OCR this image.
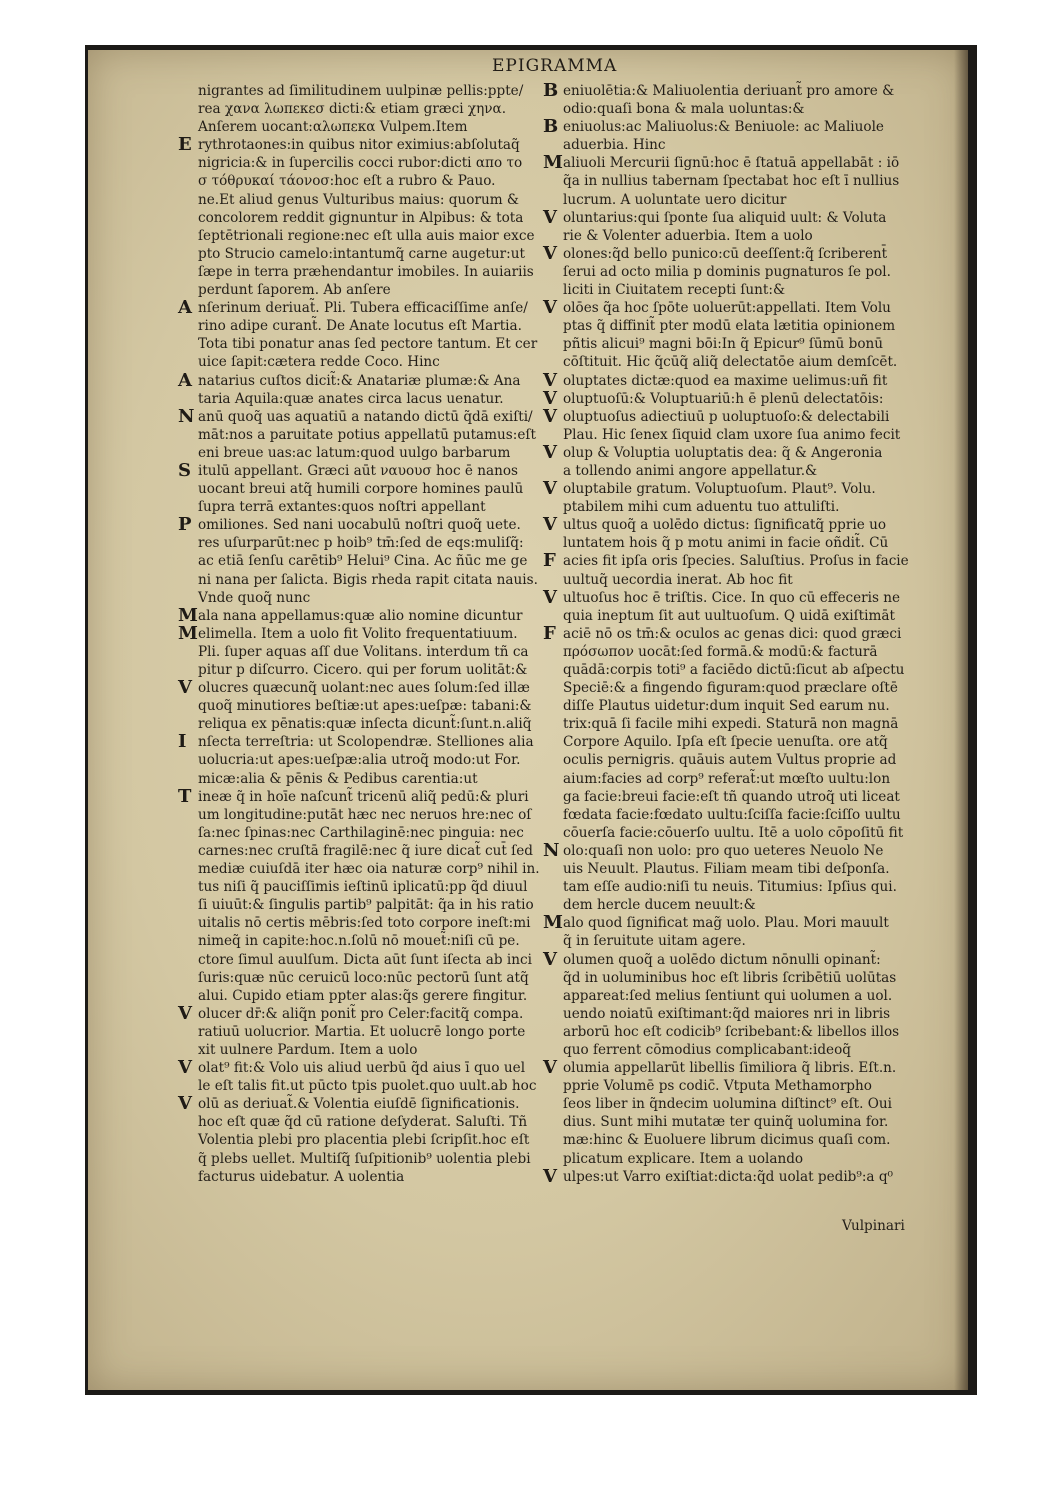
EPIGRAMMA
nigrantes ad ſimilitudinem uulpinæ pellis:ppte/
rea χανα λωπεκεσ dicti:& etiam græci χηνα.
Anſerem uocant:αλωπεκα Vulpem.Item
E rythrotaones:in quibus nitor eximius:abſolutaq̃
nigricia:& in ſupercilis cocci rubor:dicti απο το
σ τόθρυκαί τάονοσ:hoc eſt a rubro & Pauo.
ne.Et aliud genus Vulturibus maius: quorum &
concolorem reddit gignuntur in Alpibus: & tota
ſeptētrionali regione:nec eſt ulla auis maior exce
pto Strucio camelo:intantumq̃ carne augetur:ut
ſæpe in terra præhendantur imobiles. In auiariis
perdunt ſaporem. Ab anſere
A nſerinum deriuat̃. Pli. Tubera efficaciſſime anſe/
rino adipe curant̃. De Anate locutus eſt Martia.
Tota tibi ponatur anas ſed pectore tantum. Et cer
uice ſapit:cætera redde Coco. Hinc
A natarius cuſtos dicit̃:& Anatariæ plumæ:& Ana
taria Aquila:quæ anates circa lacus uenatur.
N anū quoq̃ uas aquatiū a natando dictū q̃dā exiſti/
māt:nos a paruitate potius appellatū putamus:eſt
eni breue uas:ac latum:quod uulgo barbarum
S itulū appellant. Græci aūt ναυουσ hoc ē nanos
uocant breui atq̃ humili corpore homines paulū
ſupra terrā extantes:quos noſtri appellant
P omiliones. Sed nani uocabulū noſtri quoq̃ uete.
res uſurparūt:nec p hoib⁹ tm̄:ſed de eqs:muliſq̃:
ac etiā ſenſu carētib⁹ Helui⁹ Cina. Ac ñūc me ge
ni nana per ſalicta. Bigis rheda rapit citata nauis.
Vnde quoq̃ nunc
M ala nana appellamus:quæ alio nomine dicuntur
M elimella. Item a uolo fit Volito frequentatiuum.
Pli. ſuper aquas aſſ due Volitans. interdum tñ ca
pitur p diſcurro. Cicero. qui per forum uolitāt:&
V olucres quæcunq̃ uolant:nec aues ſolum:ſed illæ
quoq̃ minutiores beſtiæ:ut apes:ueſpæ: tabani:&
reliqua ex pēnatis:quæ inſecta dicunt̃:ſunt.n.aliq̃
I nſecta terreſtria: ut Scolopendræ. Stelliones alia
uolucria:ut apes:ueſpæ:alia utroq̃ modo:ut For.
micæ:alia & pēnis & Pedibus carentia:ut
T ineæ q̃ in hoīe naſcunt̃ tricenū aliq̃ pedū:& pluri
um longitudine:putāt hæc nec neruos hre:nec oſ
ſa:nec ſpinas:nec Carthilaginē:nec pinguia: nec
carnes:nec cruſtā fragilē:nec q̃ iure dicat̃ cut̄ ſed
mediæ cuiuſdā iter hæc oia naturæ corp⁹ nihil in.
tus niſi q̃ pauciſſimis ieſtinū iplicatū:pp q̃d diuul
ſi uiuūt:& ſingulis partib⁹ palpitāt: q̃a in his ratio
uitalis nō certis mēbris:ſed toto corpore ineſt:mi
nimeq̃ in capite:hoc.n.ſolū nō mouet̃:niſi cū pe.
ctore ſimul auulſum. Dicta aūt ſunt iſecta ab inci
ſuris:quæ nūc ceruicū loco:nūc pectorū ſunt atq̃
alui. Cupido etiam ppter alas:q̃s gerere fingitur.
V olucer dr̄:& aliq̃n ponit̃ pro Celer:facitq̃ compa.
ratiuū uolucrior. Martia. Et uolucrē longo porte
xit uulnere Pardum. Item a uolo
V olat⁹ fit:& Volo uis aliud uerbū q̃d aius ī quo uel
le eſt talis fit.ut pūcto tpis puolet.quo uult.ab hoc
V olū as deriuat̃.& Volentia eiuſdē ſignificationis.
hoc eſt quæ q̃d cū ratione deſyderat. Saluſti. Tñ
Volentia plebi pro placentia plebi ſcripſit.hoc eſt
q̃ plebs uellet. Multiſq̃ ſuſpitionib⁹ uolentia plebi
facturus uidebatur. A uolentia
B eniuolētia:& Maliuolentia deriuant̃ pro amore &
odio:quaſi bona & mala uoluntas:&
B eniuolus:ac Maliuolus:& Beniuole: ac Maliuole
aduerbia. Hinc
M aliuoli Mercurii ſignū:hoc ē ſtatuā appellabāt : iō
q̃a in nullius tabernam ſpectabat hoc eſt ī nullius
lucrum. A uoluntate uero dicitur
V oluntarius:qui ſponte ſua aliquid uult: & Voluta
rie & Volenter aduerbia. Item a uolo
V olones:q̃d bello punico:cū deeſſent:q̃ ſcriberent̄
ſerui ad octo milia p dominis pugnaturos ſe pol.
liciti in Ciuitatem recepti ſunt:&
V olōes q̃a hoc ſpōte uoluerūt:appellati. Item Volu
ptas q̃ diffinit̃ pter modū elata lætitia opinionem
pñtis alicui⁹ magni bōi:In q̃ Epicur⁹ ſūmū bonū
cōſtituit. Hic q̃cūq̃ aliq̃ delectatōe aium demſcēt.
V oluptates dictæ:quod ea maxime uelimus:uñ fit
V oluptuoſū:& Voluptuariū:h ē plenū delectatōis:
V oluptuoſus adiectiuū p uoluptuoſo:& delectabili
Plau. Hic ſenex ſiquid clam uxore ſua animo fecit
V olup & Voluptia uoluptatis dea: q̃ & Angeronia
a tollendo animi angore appellatur.&
V oluptabile gratum. Voluptuoſum. Plaut⁹. Volu.
ptabilem mihi cum aduentu tuo attuliſti.
V ultus quoq̃ a uolēdo dictus: ſignificatq̃ pprie uo
luntatem hois q̃ p motu animi in facie oñdit̃. Cū
F acies fit ipſa oris ſpecies. Saluſtius. Proſus in facie
uultuq̃ uecordia inerat. Ab hoc fit
V ultuoſus hoc ē triſtis. Cice. In quo cū effeceris ne
quia ineptum ſit aut uultuoſum. Q uidā exiſtimāt
F aciē nō os tm̄:& oculos ac genas dici: quod græci
πρόσωπον uocāt:ſed formā.& modū:& facturā
quādā:corpis toti⁹ a faciēdo dictū:ſicut ab aſpectu
Speciē:& a fingendo figuram:quod præclare oſtē
diſſe Plautus uidetur:dum inquit Sed earum nu.
trix:quā ſi facile mihi expedi. Staturā non magnā
Corpore Aquilo. Ipſa eſt ſpecie uenuſta. ore atq̃
oculis pernigris. quāuis autem Vultus proprie ad
aium:facies ad corp⁹ referat̃:ut mœſto uultu:lon
ga facie:breui facie:eſt tñ quando utroq̃ uti liceat
fœdata facie:fœdato uultu:ſciſſa facie:ſciſſo uultu
cōuerſa facie:cōuerſo uultu. Itē a uolo cōpoſitū fit
N olo:quaſi non uolo: pro quo ueteres Neuolo Ne
uis Neuult. Plautus. Filiam meam tibi deſponſa.
tam eſſe audio:niſi tu neuis. Titumius: Ipſius qui.
dem hercle ducem neuult:&
M alo quod ſignificat mag̃ uolo. Plau. Mori mauult
q̃ in ſeruitute uitam agere.
V olumen quoq̃ a uolēdo dictum nōnulli opinant̃:
q̃d in uoluminibus hoc eſt libris ſcribētiū uolūtas
appareat:ſed melius ſentiunt qui uolumen a uol.
uendo noiatū exiſtimant:q̃d maiores nri in libris
arborū hoc eſt codicib⁹ ſcribebant:& libellos illos
quo ferrent cōmodius complicabant:ideoq̃
V olumia appellarūt libellis ſimiliora q̃ libris. Eſt.n.
pprie Volumē ps codic̄. Vtputa Methamorpho
ſeos liber in q̃ndecim uolumina diſtinct⁹ eſt. Oui
dius. Sunt mihi mutatæ ter quinq̃ uolumina for.
mæ:hinc & Euoluere librum dicimus quaſi com.
plicatum explicare. Item a uolando
V ulpes:ut Varro exiſtiat:dicta:q̃d uolat pedib⁹:a q⁰
Vulpinari
